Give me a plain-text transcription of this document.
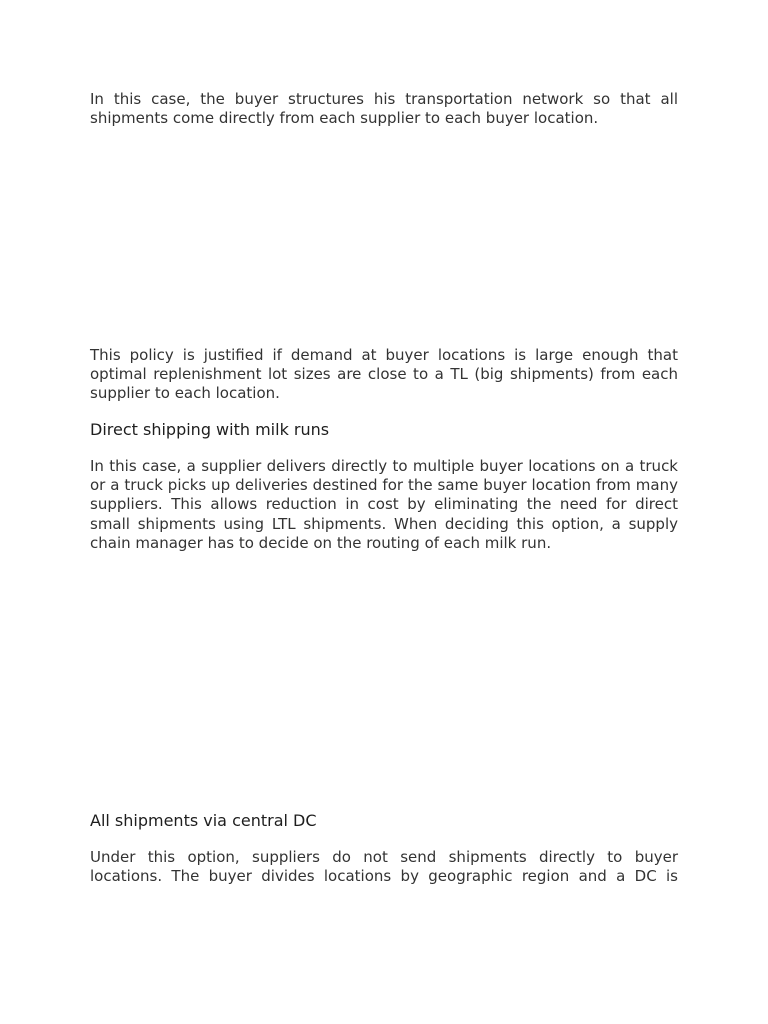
In this case, the buyer structures his transportation network so that all shipments come directly from each supplier to each buyer location.

This policy is justified if demand at buyer locations is large enough that optimal replenishment lot sizes are close to a TL (big shipments) from each supplier to each location.

Direct shipping with milk runs

In this case, a supplier delivers directly to multiple buyer locations on a truck or a truck picks up deliveries destined for the same buyer location from many suppliers. This allows reduction in cost by eliminating the need for direct small shipments using LTL shipments. When deciding this option, a supply chain manager has to decide on the routing of each milk run.

All shipments via central DC

Under this option, suppliers do not send shipments directly to buyer locations. The buyer divides locations by geographic region and a DC is
